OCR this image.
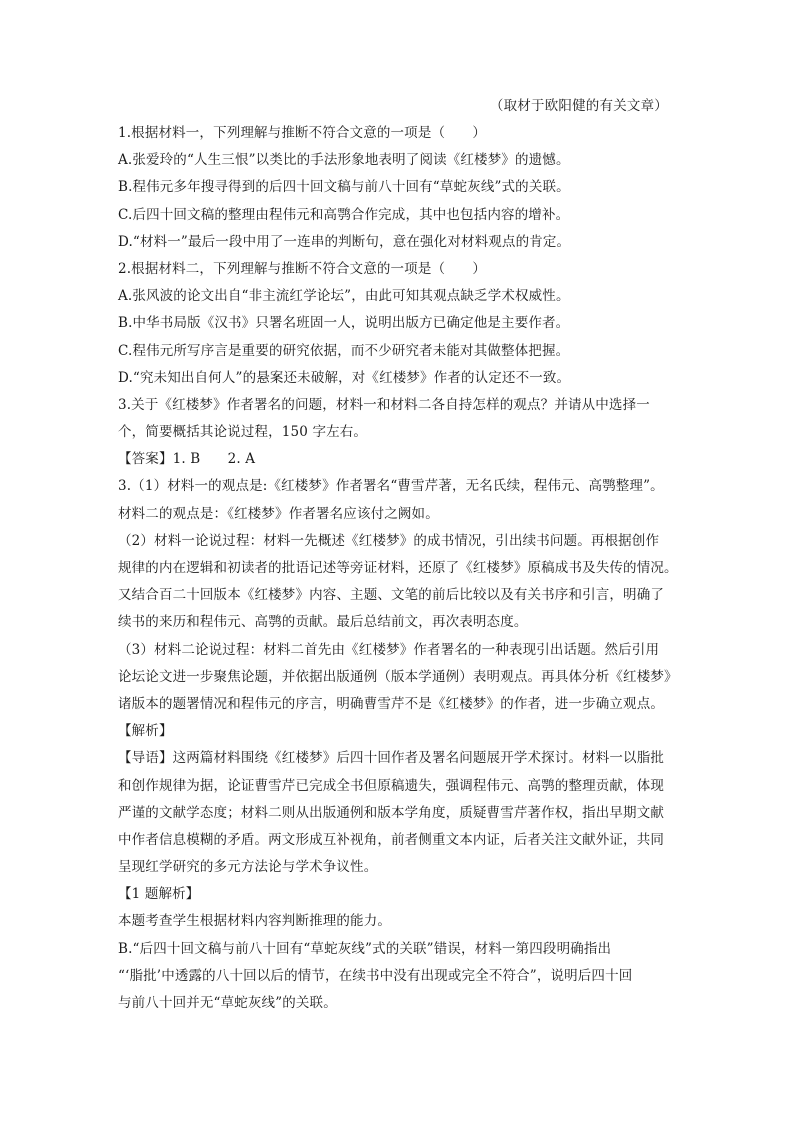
（取材于欧阳健的有关文章）
1.根据材料一，下列理解与推断不符合文意的一项是（　　）
A.张爱玲的“人生三恨”以类比的手法形象地表明了阅读《红楼梦》的遗憾。
B.程伟元多年搜寻得到的后四十回文稿与前八十回有“草蛇灰线”式的关联。
C.后四十回文稿的整理由程伟元和高鹗合作完成，其中也包括内容的增补。
D.“材料一”最后一段中用了一连串的判断句，意在强化对材料观点的肯定。
2.根据材料二，下列理解与推断不符合文意的一项是（　　）
A.张风波的论文出自“非主流红学论坛”，由此可知其观点缺乏学术权威性。
B.中华书局版《汉书》只署名班固一人，说明出版方已确定他是主要作者。
C.程伟元所写序言是重要的研究依据，而不少研究者未能对其做整体把握。
D.“究未知出自何人”的悬案还未破解，对《红楼梦》作者的认定还不一致。
3.关于《红楼梦》作者署名的问题，材料一和材料二各自持怎样的观点？并请从中选择一
个，简要概括其论说过程，150 字左右。
【答案】1. B　　2. A
3.（1）材料一的观点是:《红楼梦》作者署名“曹雪芹著，无名氏续，程伟元、高鹗整理”。
材料二的观点是：《红楼梦》作者署名应该付之阙如。
（2）材料一论说过程：材料一先概述《红楼梦》的成书情况，引出续书问题。再根据创作
规律的内在逻辑和初读者的批语记述等旁证材料，还原了《红楼梦》原稿成书及失传的情况。
又结合百二十回版本《红楼梦》内容、主题、文笔的前后比较以及有关书序和引言，明确了
续书的来历和程伟元、高鹗的贡献。最后总结前文，再次表明态度。
（3）材料二论说过程：材料二首先由《红楼梦》作者署名的一种表现引出话题。然后引用
论坛论文进一步聚焦论题，并依据出版通例（版本学通例）表明观点。再具体分析《红楼梦》
诸版本的题署情况和程伟元的序言，明确曹雪芹不是《红楼梦》的作者，进一步确立观点。
【解析】
【导语】这两篇材料围绕《红楼梦》后四十回作者及署名问题展开学术探讨。材料一以脂批
和创作规律为据，论证曹雪芹已完成全书但原稿遗失，强调程伟元、高鹗的整理贡献，体现
严谨的文献学态度；材料二则从出版通例和版本学角度，质疑曹雪芹著作权，指出早期文献
中作者信息模糊的矛盾。两文形成互补视角，前者侧重文本内证，后者关注文献外证，共同
呈现红学研究的多元方法论与学术争议性。
【1 题解析】
本题考查学生根据材料内容判断推理的能力。
B.“后四十回文稿与前八十回有“草蛇灰线”式的关联”错误，材料一第四段明确指出
“‘脂批’中透露的八十回以后的情节，在续书中没有出现或完全不符合”，说明后四十回
与前八十回并无“草蛇灰线”的关联。
